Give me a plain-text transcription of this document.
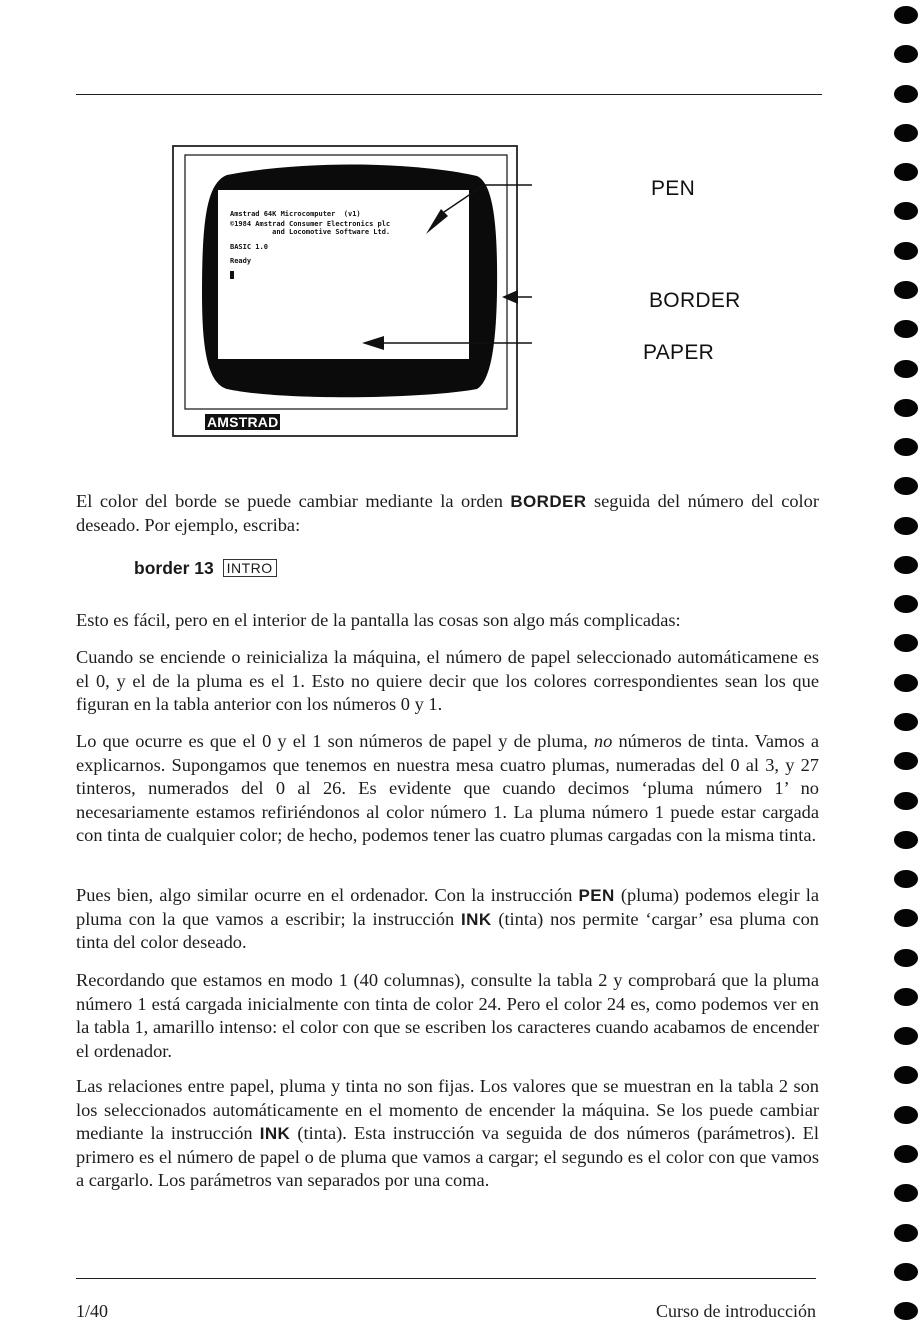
Amstrad 64K Microcomputer  (v1)
©1984 Amstrad Consumer Electronics plc
and Locomotive Software Ltd.
BASIC 1.0
Ready
AMSTRAD
PEN
BORDER
PAPER

El color del borde se puede cambiar mediante la orden BORDER seguida del número del color deseado. Por ejemplo, escriba:

border 13 INTRO

Esto es fácil, pero en el interior de la pantalla las cosas son algo más complicadas:

Cuando se enciende o reinicializa la máquina, el número de papel seleccionado automáticamene es el 0, y el de la pluma es el 1. Esto no quiere decir que los colores correspondientes sean los que figuran en la tabla anterior con los números 0 y 1.

Lo que ocurre es que el 0 y el 1 son números de papel y de pluma, no números de tinta. Vamos a explicarnos. Supongamos que tenemos en nuestra mesa cuatro plumas, numeradas del 0 al 3, y 27 tinteros, numerados del 0 al 26. Es evidente que cuando decimos ‘pluma número 1’ no necesariamente estamos refiriéndonos al color número 1. La pluma número 1 puede estar cargada con tinta de cualquier color; de hecho, podemos tener las cuatro plumas cargadas con la misma tinta.

Pues bien, algo similar ocurre en el ordenador. Con la instrucción PEN (pluma) podemos elegir la pluma con la que vamos a escribir; la instrucción INK (tinta) nos permite ‘cargar’ esa pluma con tinta del color deseado.

Recordando que estamos en modo 1 (40 columnas), consulte la tabla 2 y comprobará que la pluma número 1 está cargada inicialmente con tinta de color 24. Pero el color 24 es, como podemos ver en la tabla 1, amarillo intenso: el color con que se escriben los caracteres cuando acabamos de encender el ordenador.

Las relaciones entre papel, pluma y tinta no son fijas. Los valores que se muestran en la tabla 2 son los seleccionados automáticamente en el momento de encender la máquina. Se los puede cambiar mediante la instrucción INK (tinta). Esta instrucción va seguida de dos números (parámetros). El primero es el número de papel o de pluma que vamos a cargar; el segundo es el color con que vamos a cargarlo. Los parámetros van separados por una coma.

1/40	Curso de introducción
